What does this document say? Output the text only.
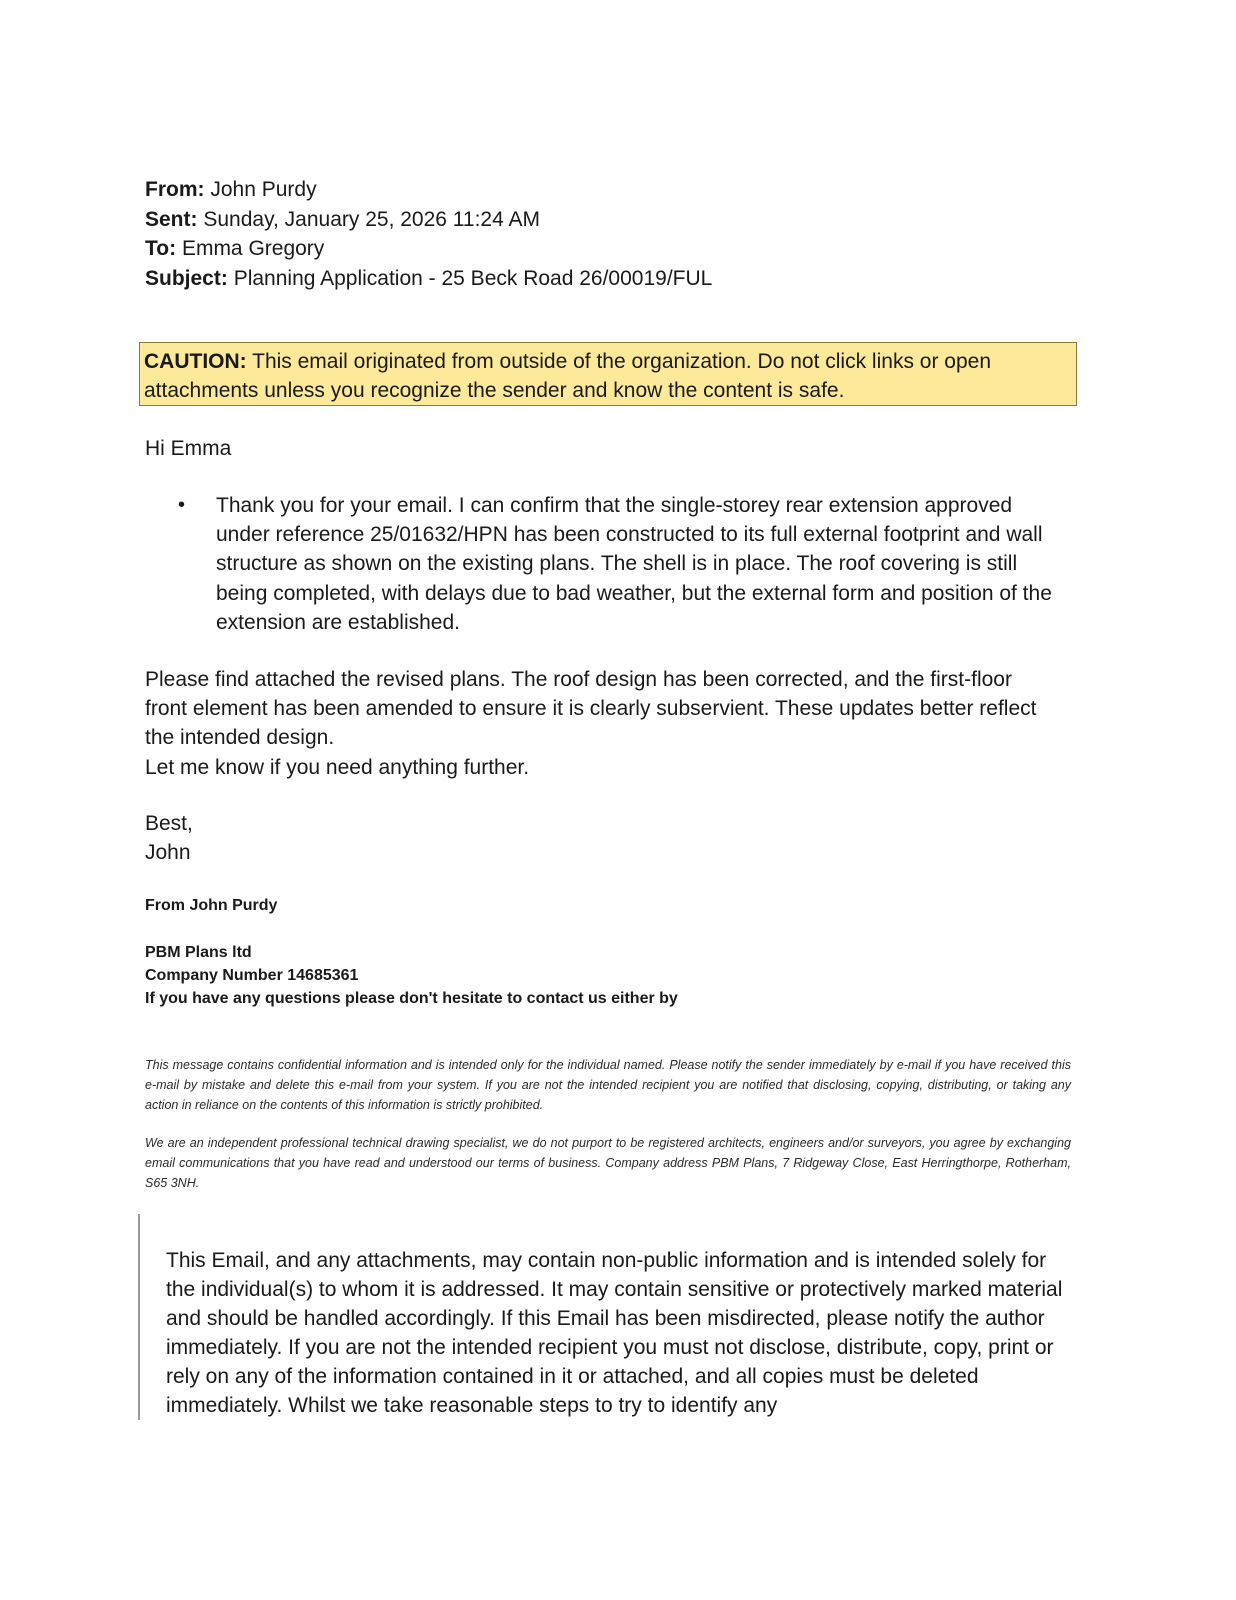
From: John Purdy
Sent: Sunday, January 25, 2026 11:24 AM
To: Emma Gregory
Subject: Planning Application - 25 Beck Road 26/00019/FUL
CAUTION: This email originated from outside of the organization. Do not click links or open attachments unless you recognize the sender and know the content is safe.
Hi Emma
• Thank you for your email. I can confirm that the single-storey rear extension approved under reference 25/01632/HPN has been constructed to its full external footprint and wall structure as shown on the existing plans. The shell is in place. The roof covering is still being completed, with delays due to bad weather, but the external form and position of the extension are established.
Please find attached the revised plans. The roof design has been corrected, and the first-floor front element has been amended to ensure it is clearly subservient. These updates better reflect the intended design.
Let me know if you need anything further.
Best,
John
From John Purdy
PBM Plans ltd
Company Number 14685361
If you have any questions please don't hesitate to contact us either by
This message contains confidential information and is intended only for the individual named. Please notify the sender immediately by e-mail if you have received this e-mail by mistake and delete this e-mail from your system. If you are not the intended recipient you are notified that disclosing, copying, distributing, or taking any action in reliance on the contents of this information is strictly prohibited.
We are an independent professional technical drawing specialist, we do not purport to be registered architects, engineers and/or surveyors, you agree by exchanging email communications that you have read and understood our terms of business. Company address PBM Plans, 7 Ridgeway Close, East Herringthorpe, Rotherham, S65 3NH.
This Email, and any attachments, may contain non-public information and is intended solely for the individual(s) to whom it is addressed. It may contain sensitive or protectively marked material and should be handled accordingly. If this Email has been misdirected, please notify the author immediately. If you are not the intended recipient you must not disclose, distribute, copy, print or rely on any of the information contained in it or attached, and all copies must be deleted immediately. Whilst we take reasonable steps to try to identify any
